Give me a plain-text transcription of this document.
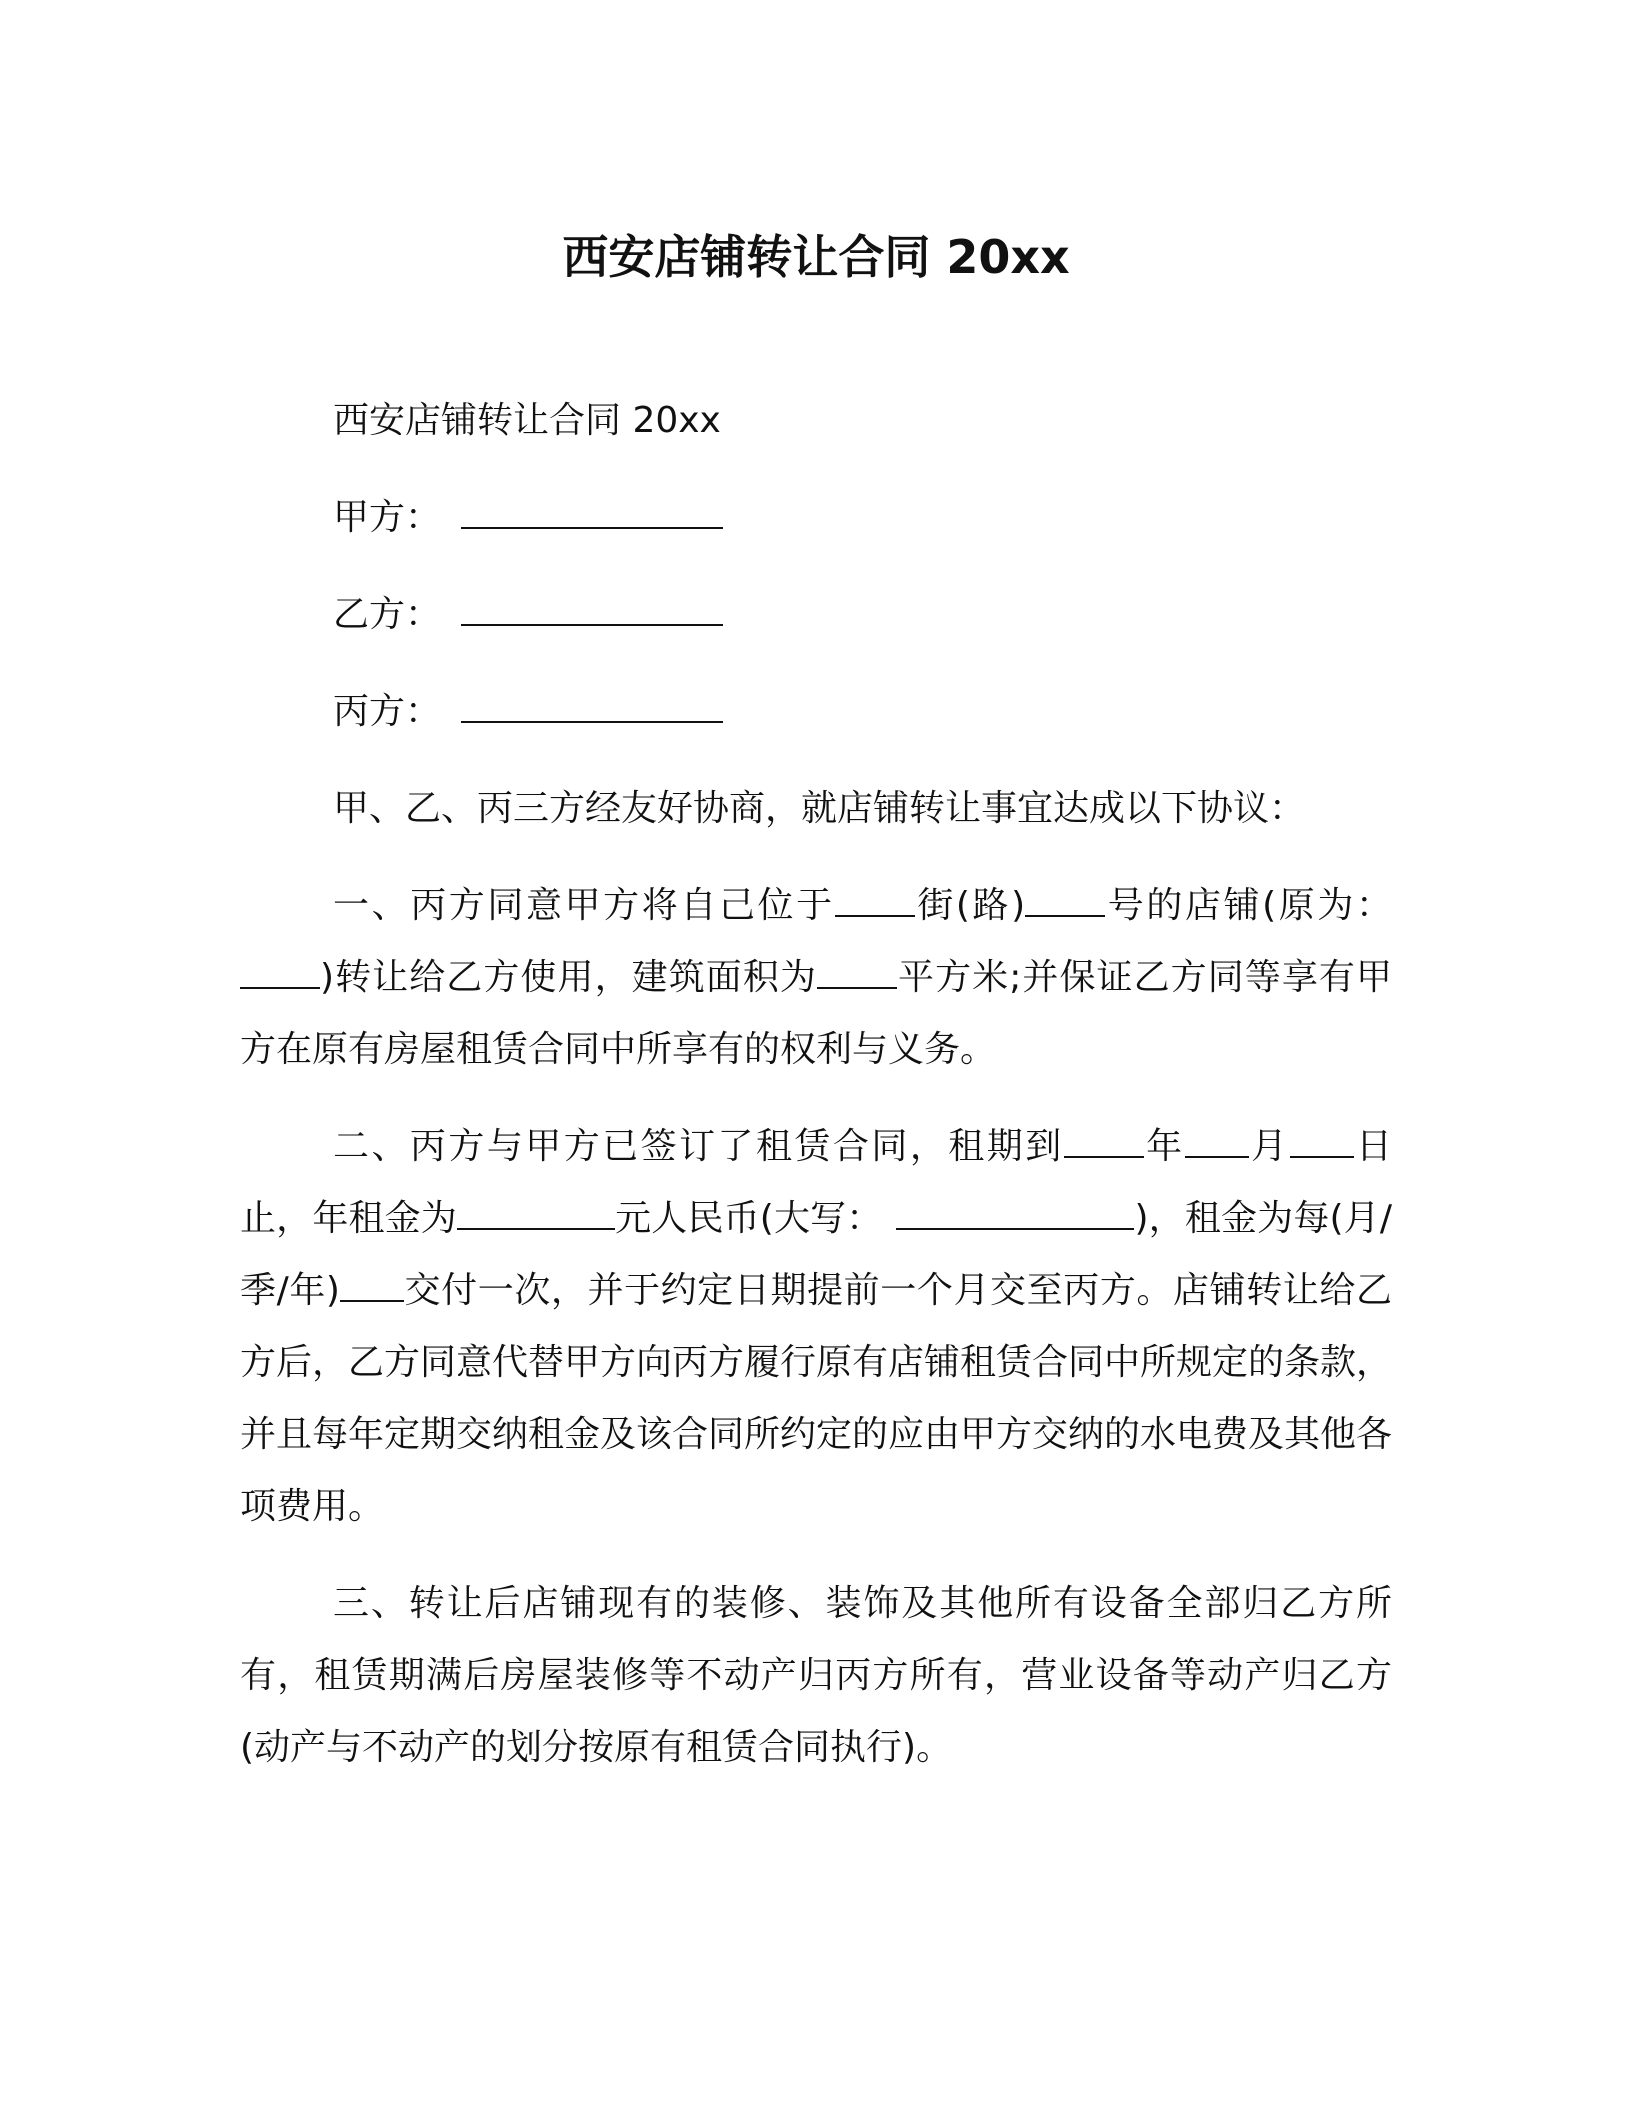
西安店铺转让合同 20xx

西安店铺转让合同 20xx

甲方：

乙方：

丙方：

甲、乙、丙三方经友好协商，就店铺转让事宜达成以下协议：

一、丙方同意甲方将自己位于 街(路) 号的店铺(原为：)转让给乙方使用，建筑面积为 平方米;并保证乙方同等享有甲方在原有房屋租赁合同中所享有的权利与义务。

二、丙方与甲方已签订了租赁合同，租期到 年 月 日止，年租金为	元人民币(大写：	)，租金为每(月/季/年) 交付一次，并于约定日期提前一个月交至丙方。店铺转让给乙方后，乙方同意代替甲方向丙方履行原有店铺租赁合同中所规定的条款，并且每年定期交纳租金及该合同所约定的应由甲方交纳的水电费及其他各项费用。

三、转让后店铺现有的装修、装饰及其他所有设备全部归乙方所有，租赁期满后房屋装修等不动产归丙方所有，营业设备等动产归乙方(动产与不动产的划分按原有租赁合同执行)。
